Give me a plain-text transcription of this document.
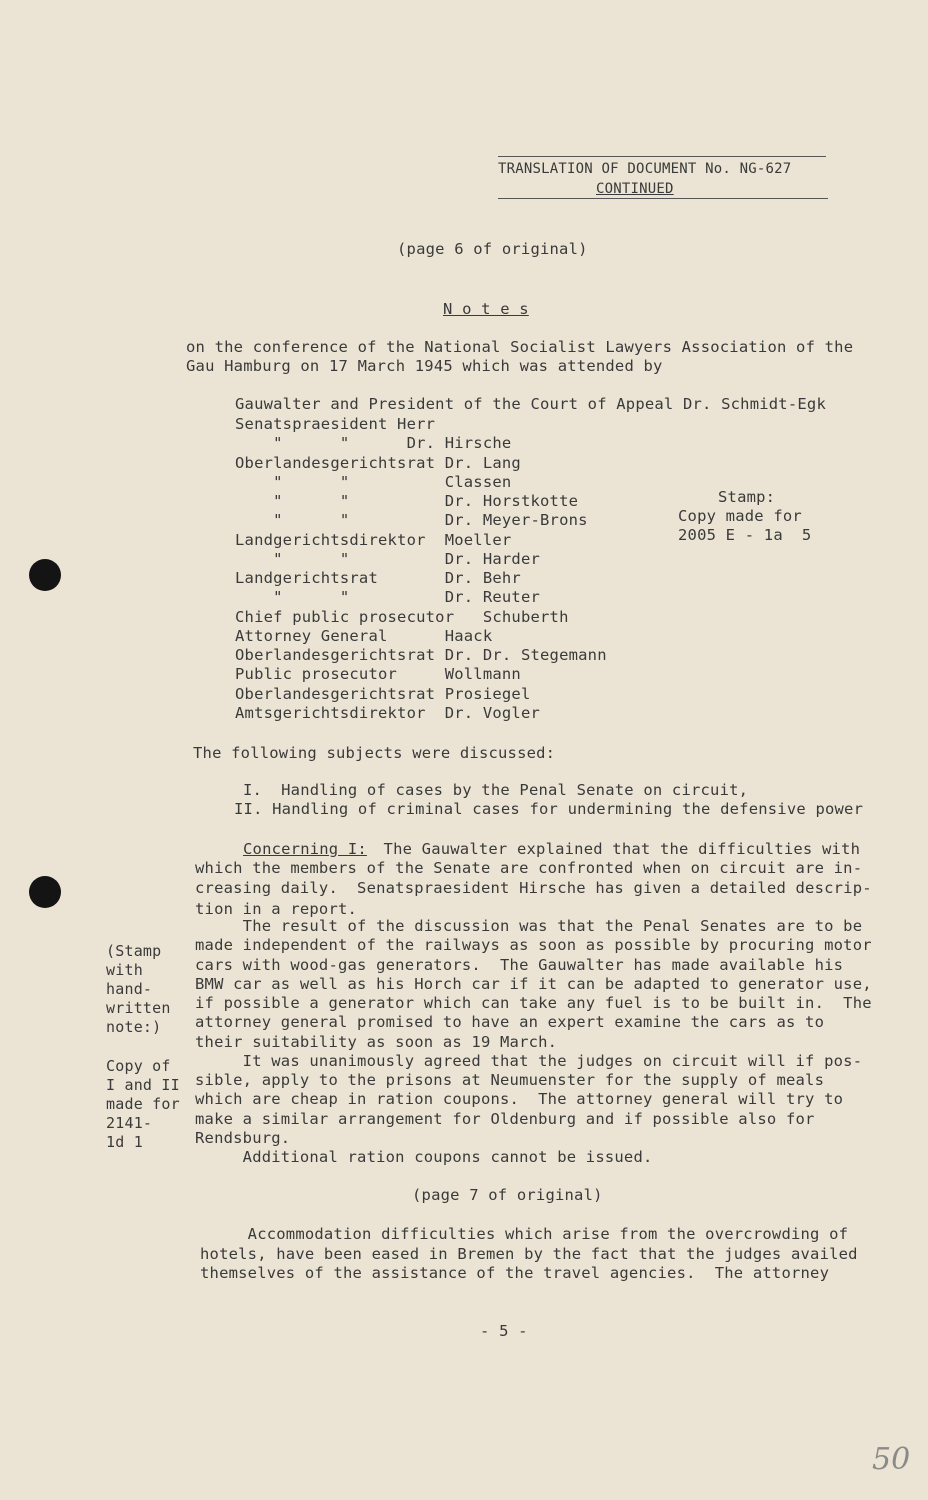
TRANSLATION OF DOCUMENT No. NG-627
CONTINUED
(page 6 of original)
N o t e s
on the conference of the National Socialist Lawyers Association of the
Gau Hamburg on 17 March 1945 which was attended by
Gauwalter and President of the Court of Appeal Dr. Schmidt-Egk
Senatspraesident Herr
"      "      Dr. Hirsche
Oberlandesgerichtsrat Dr. Lang
"      "          Classen
"      "          Dr. Horstkotte
"      "          Dr. Meyer-Brons
Landgerichtsdirektor  Moeller
"      "          Dr. Harder
Landgerichtsrat       Dr. Behr
"      "          Dr. Reuter
Chief public prosecutor   Schuberth
Attorney General      Haack
Oberlandesgerichtsrat Dr. Dr. Stegemann
Public prosecutor     Wollmann
Oberlandesgerichtsrat Prosiegel
Amtsgerichtsdirektor  Dr. Vogler
Stamp:
Copy made for
2005 E - 1a  5
The following subjects were discussed:
I.  Handling of cases by the Penal Senate on circuit,
II. Handling of criminal cases for undermining the defensive power
Concerning I: The Gauwalter explained that the difficulties with
which the members of the Senate are confronted when on circuit are in-
creasing daily.  Senatspraesident Hirsche has given a detailed descrip-
tion in a report.
The result of the discussion was that the Penal Senates are to be
made independent of the railways as soon as possible by procuring motor
cars with wood-gas generators.  The Gauwalter has made available his
BMW car as well as his Horch car if it can be adapted to generator use,
if possible a generator which can take any fuel is to be built in.  The
attorney general promised to have an expert examine the cars as to
their suitability as soon as 19 March.
It was unanimously agreed that the judges on circuit will if pos-
sible, apply to the prisons at Neumuenster for the supply of meals
which are cheap in ration coupons.  The attorney general will try to
make a similar arrangement for Oldenburg and if possible also for
Rendsburg.
Additional ration coupons cannot be issued.
(Stamp
with
hand-
written
note:)
Copy of
I and II
made for
2141-
1d 1
(page 7 of original)
Accommodation difficulties which arise from the overcrowding of
hotels, have been eased in Bremen by the fact that the judges availed
themselves of the assistance of the travel agencies.  The attorney
- 5 -
50
